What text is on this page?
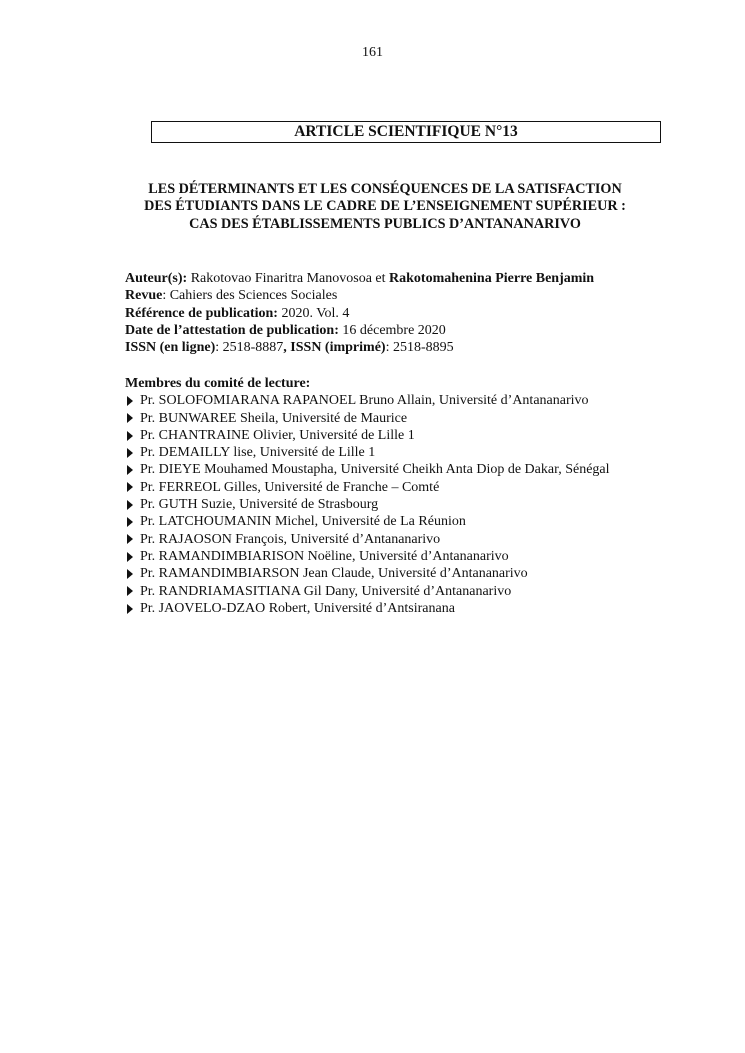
161
ARTICLE SCIENTIFIQUE N°13
LES DÉTERMINANTS ET LES CONSÉQUENCES DE LA SATISFACTION
DES ÉTUDIANTS DANS LE CADRE DE L’ENSEIGNEMENT SUPÉRIEUR :
CAS DES ÉTABLISSEMENTS PUBLICS D’ANTANANARIVO
Auteur(s): Rakotovao Finaritra Manovosoa et Rakotomahenina Pierre Benjamin
Revue: Cahiers des Sciences Sociales
Référence de publication: 2020. Vol. 4
Date de l’attestation de publication: 16 décembre 2020
ISSN (en ligne): 2518-8887, ISSN (imprimé): 2518-8895
Membres du comité de lecture:
Pr. SOLOFOMIARANA RAPANOEL Bruno Allain, Université d’Antananarivo
Pr. BUNWAREE Sheila, Université de Maurice
Pr. CHANTRAINE Olivier, Université de Lille 1
Pr. DEMAILLY lise, Université de Lille 1
Pr. DIEYE Mouhamed Moustapha, Université Cheikh Anta Diop de Dakar, Sénégal
Pr. FERREOL Gilles, Université de Franche – Comté
Pr. GUTH Suzie, Université de Strasbourg
Pr. LATCHOUMANIN Michel, Université de La Réunion
Pr. RAJAOSON François, Université d’Antananarivo
Pr. RAMANDIMBIARISON Noëline, Université d’Antananarivo
Pr. RAMANDIMBIARSON Jean Claude, Université d’Antananarivo
Pr. RANDRIAMASITIANA Gil Dany, Université d’Antananarivo
Pr. JAOVELO-DZAO Robert, Université d’Antsiranana
